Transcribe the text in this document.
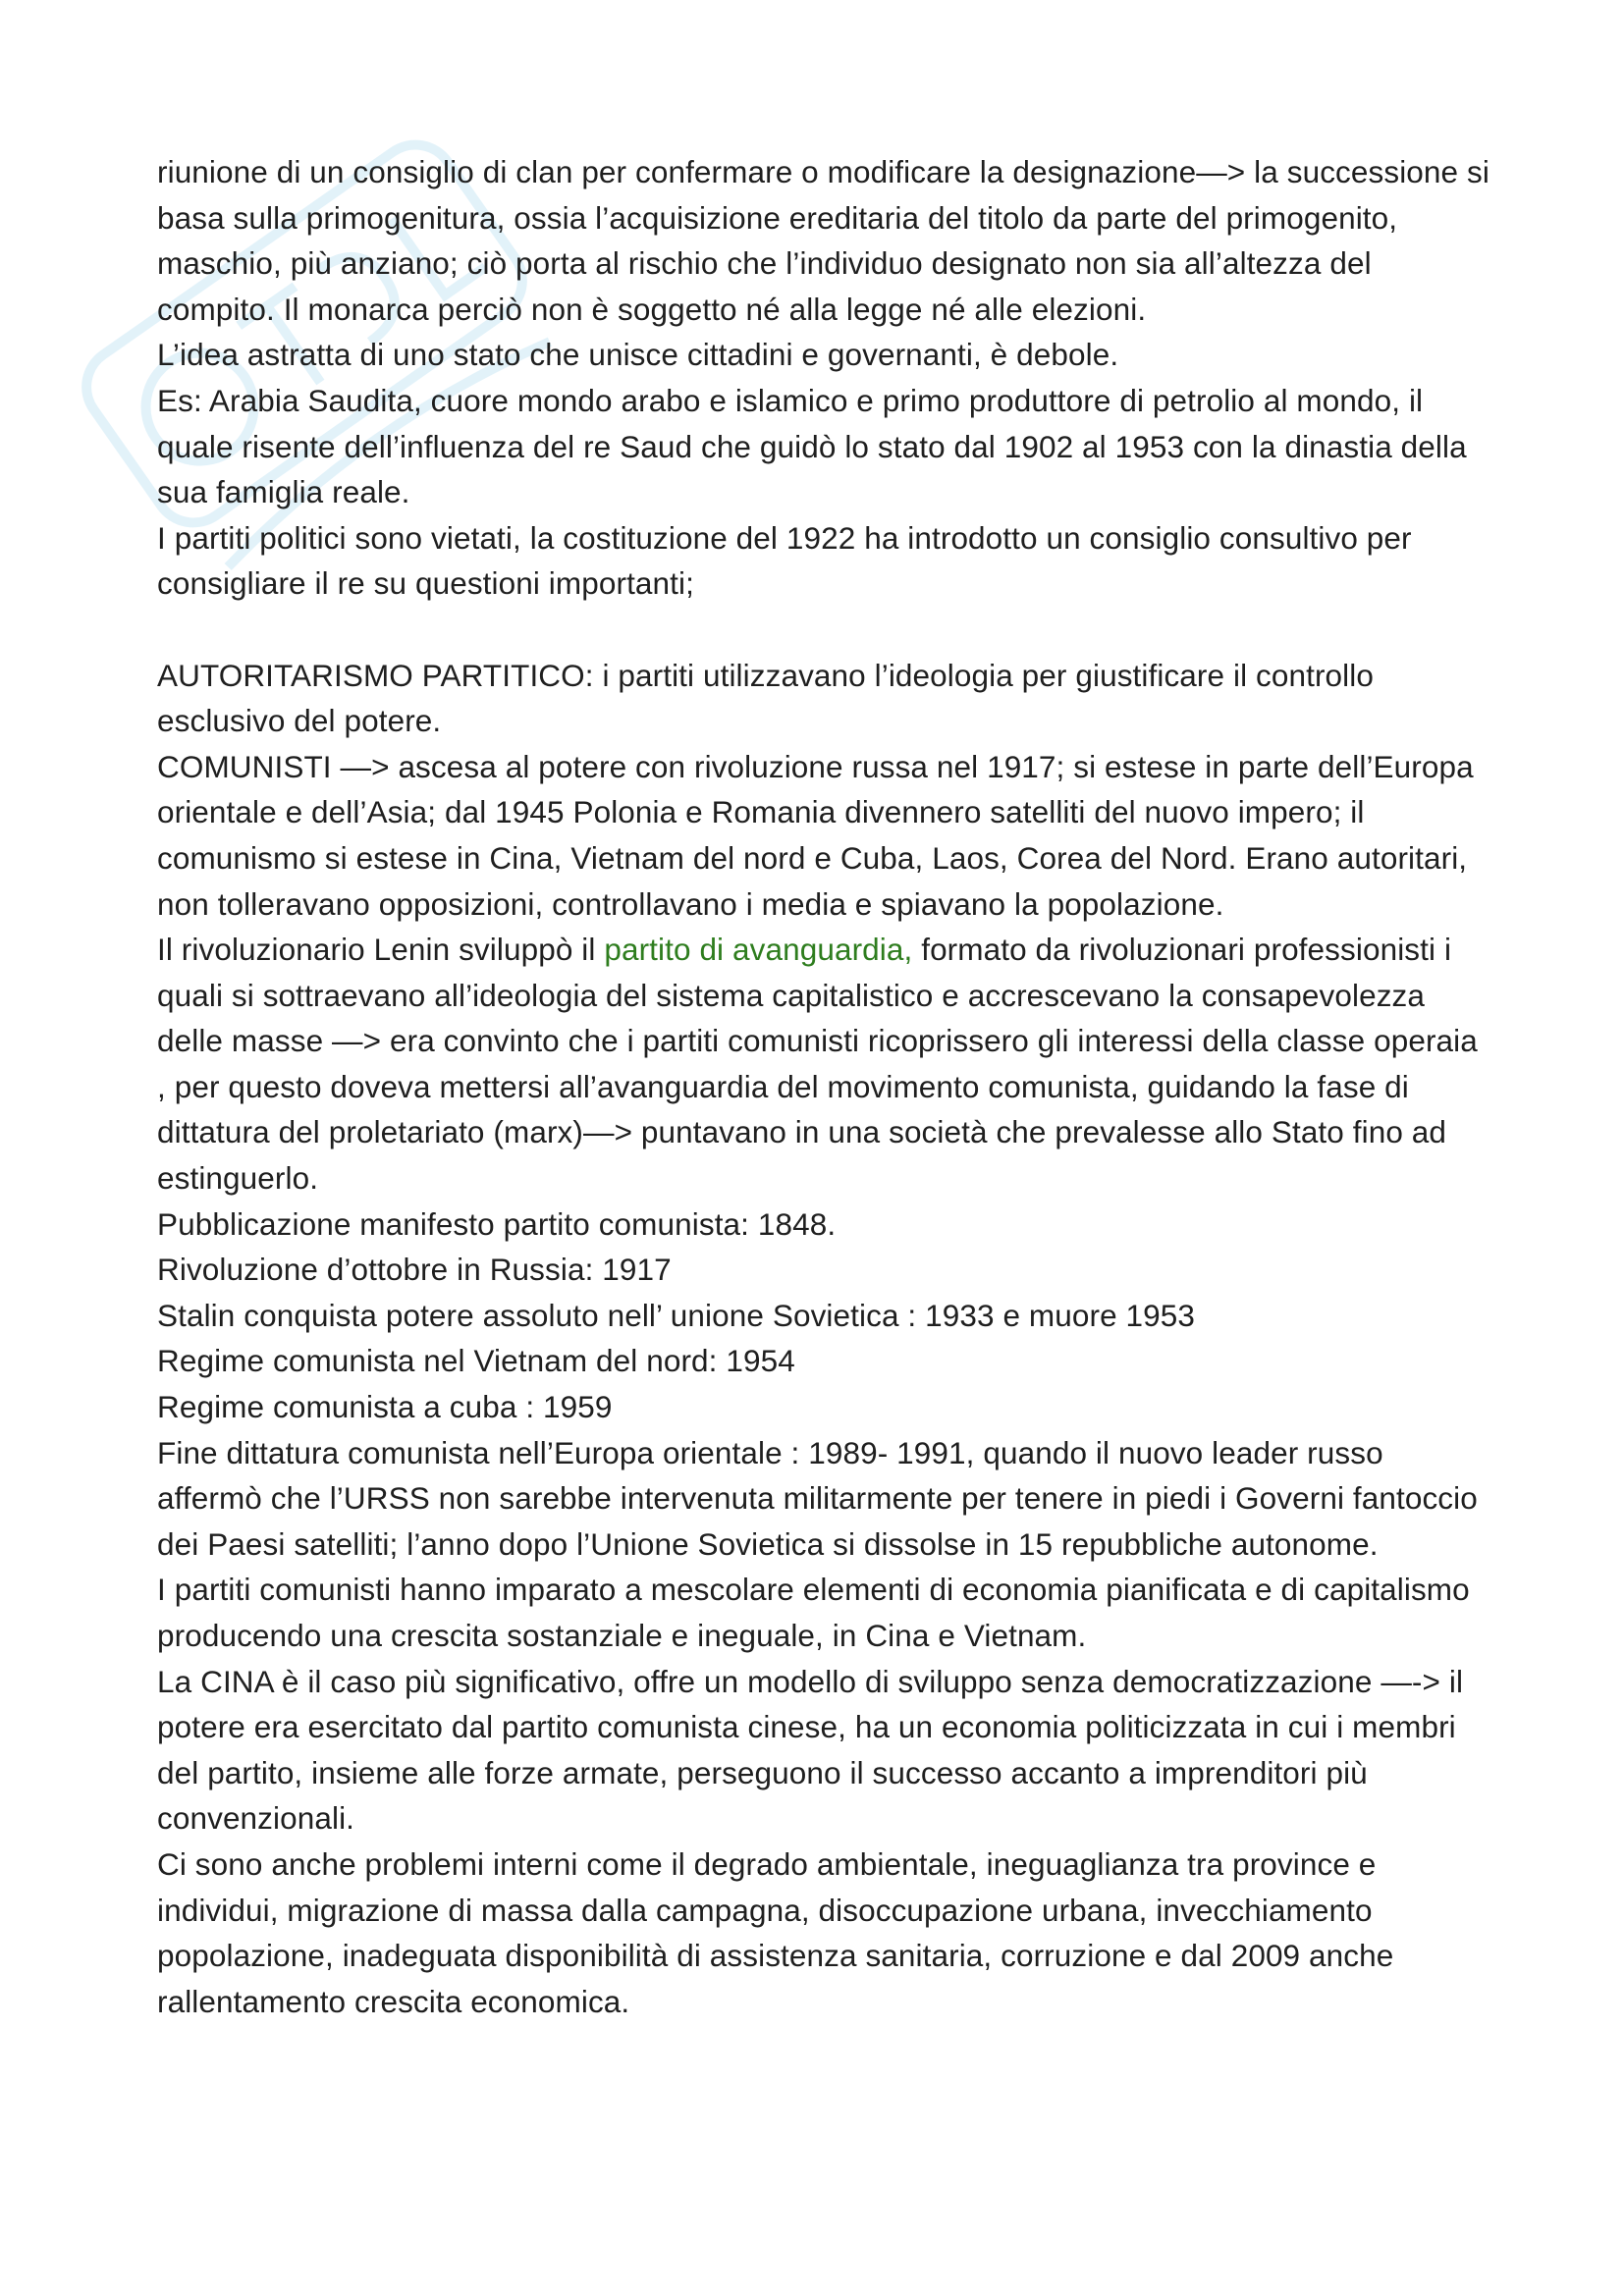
riunione di un consiglio di clan per confermare o modificare la designazione—> la successione si basa sulla primogenitura, ossia l’acquisizione ereditaria del titolo da parte del primogenito, maschio, più anziano; ciò porta al rischio che l’individuo designato non sia all’altezza del compito. Il monarca perciò non è soggetto né alla legge né alle elezioni.

L’idea astratta di uno stato che unisce cittadini e governanti, è debole.

Es: Arabia Saudita, cuore mondo arabo e islamico e primo produttore di petrolio al mondo, il quale risente dell’influenza del re Saud che guidò lo stato dal 1902 al 1953 con la dinastia della sua famiglia reale.

I partiti politici sono vietati, la costituzione del 1922 ha introdotto un consiglio consultivo per consigliare il re su questioni importanti;

AUTORITARISMO PARTITICO: i partiti utilizzavano l’ideologia per giustificare il controllo esclusivo del potere.

COMUNISTI —> ascesa al potere con rivoluzione russa nel 1917; si estese in parte dell’Europa orientale e dell’Asia; dal 1945 Polonia e Romania divennero satelliti del nuovo impero; il comunismo si estese in Cina, Vietnam del nord e Cuba, Laos, Corea del Nord. Erano autoritari, non tolleravano opposizioni, controllavano i media e spiavano la popolazione.

Il rivoluzionario Lenin sviluppò il partito di avanguardia, formato da rivoluzionari professionisti i quali si sottraevano all’ideologia del sistema capitalistico e accrescevano la consapevolezza delle masse —> era convinto che i partiti comunisti ricoprissero gli interessi della classe operaia , per questo doveva mettersi all’avanguardia del movimento comunista, guidando la fase di dittatura del proletariato (marx)—> puntavano in una società che prevalesse allo Stato fino ad estinguerlo.

Pubblicazione manifesto partito comunista: 1848.

Rivoluzione d’ottobre in Russia: 1917

Stalin conquista potere assoluto nell’ unione Sovietica : 1933 e muore 1953

Regime comunista nel Vietnam del nord: 1954

Regime comunista a cuba : 1959

Fine dittatura comunista nell’Europa orientale : 1989- 1991, quando il nuovo leader russo affermò che l’URSS non sarebbe intervenuta militarmente per tenere in piedi i Governi fantoccio dei Paesi satelliti; l’anno dopo l’Unione Sovietica si dissolse in 15 repubbliche autonome.

I partiti comunisti hanno imparato a mescolare elementi di economia pianificata e di capitalismo producendo una crescita sostanziale e ineguale, in Cina e Vietnam.

La CINA è il caso più significativo, offre un modello di sviluppo senza democratizzazione —-> il potere era esercitato dal partito comunista cinese, ha un economia politicizzata in cui i membri del partito, insieme alle forze armate, perseguono il successo accanto a imprenditori più convenzionali.

Ci sono anche problemi interni come il degrado ambientale, ineguaglianza tra province e individui, migrazione di massa dalla campagna, disoccupazione urbana, invecchiamento popolazione, inadeguata disponibilità di assistenza sanitaria, corruzione e dal 2009 anche rallentamento crescita economica.
